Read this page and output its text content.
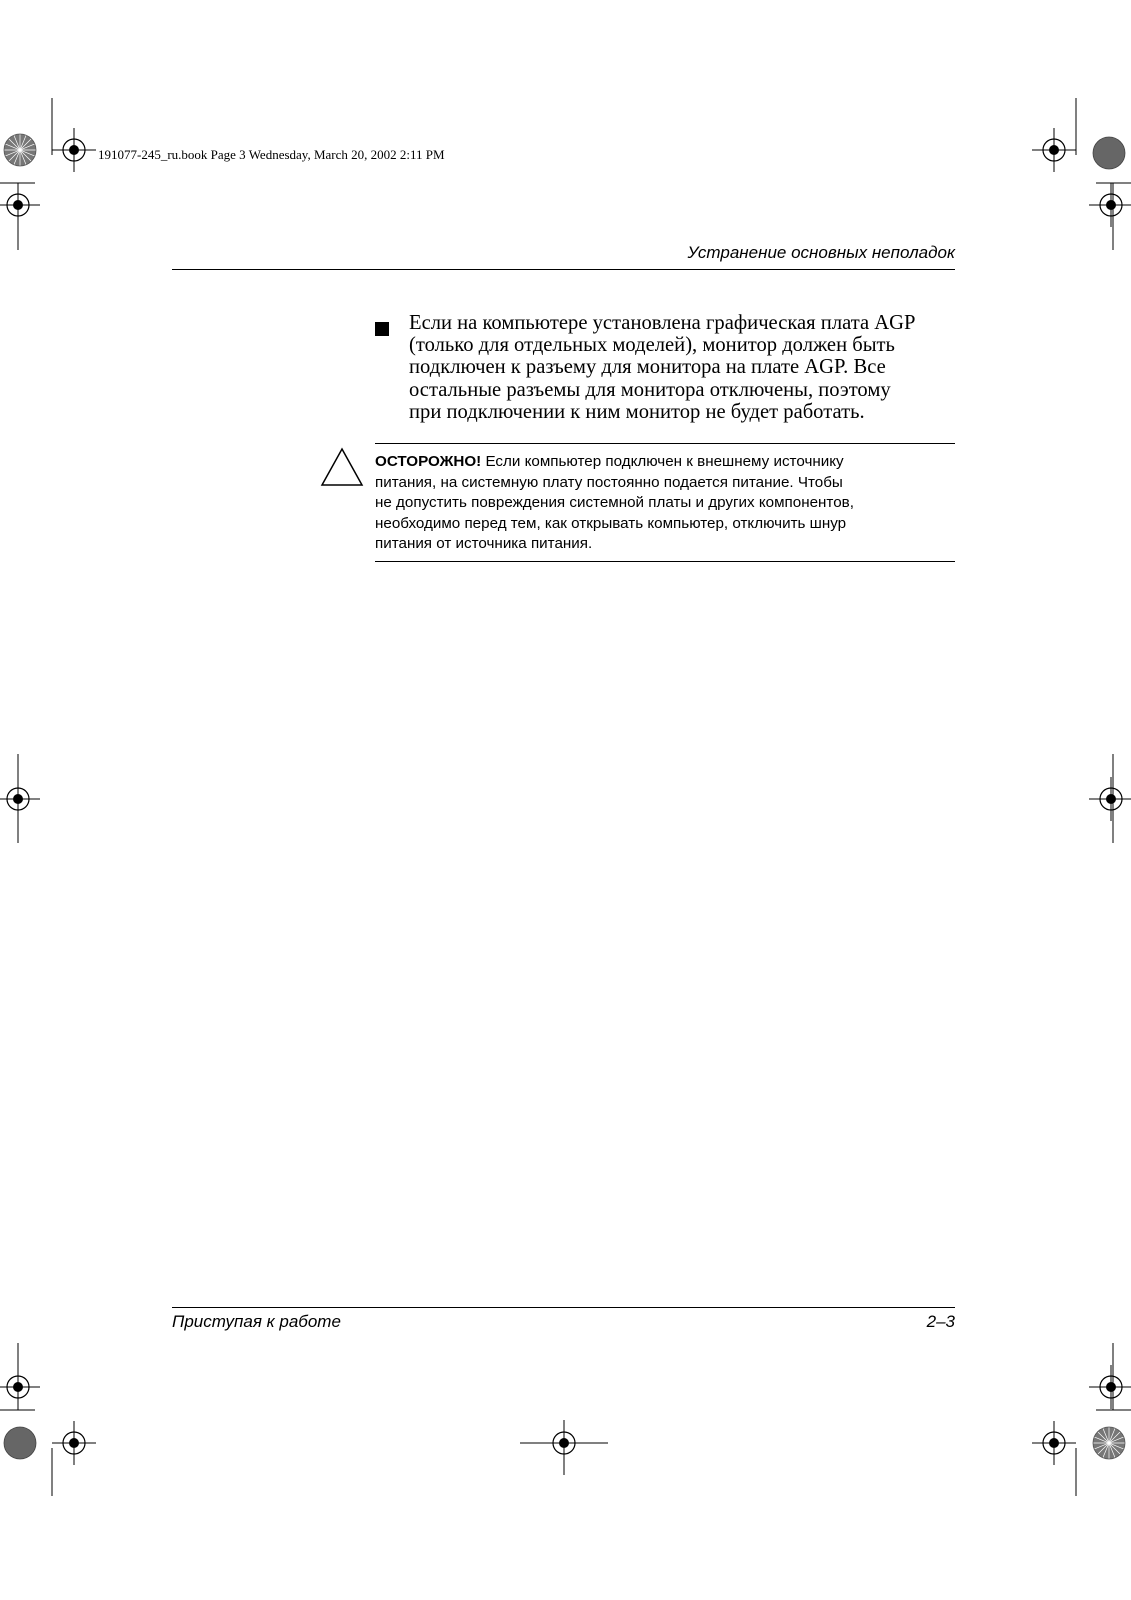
191077-245_ru.book Page 3 Wednesday, March 20, 2002 2:11 PM
Устранение основных неполадок

Если на компьютере установлена графическая плата AGP
(только для отдельных моделей), монитор должен быть
подключен к разъему для монитора на плате AGP. Все
остальные разъемы для монитора отключены, поэтому
при подключении к ним монитор не будет работать.

ОСТОРОЖНО! Если компьютер подключен к внешнему источнику
питания, на системную плату постоянно подается питание. Чтобы
не допустить повреждения системной платы и других компонентов,
необходимо перед тем, как открывать компьютер, отключить шнур
питания от источника питания.

Приступая к работе	2–3
